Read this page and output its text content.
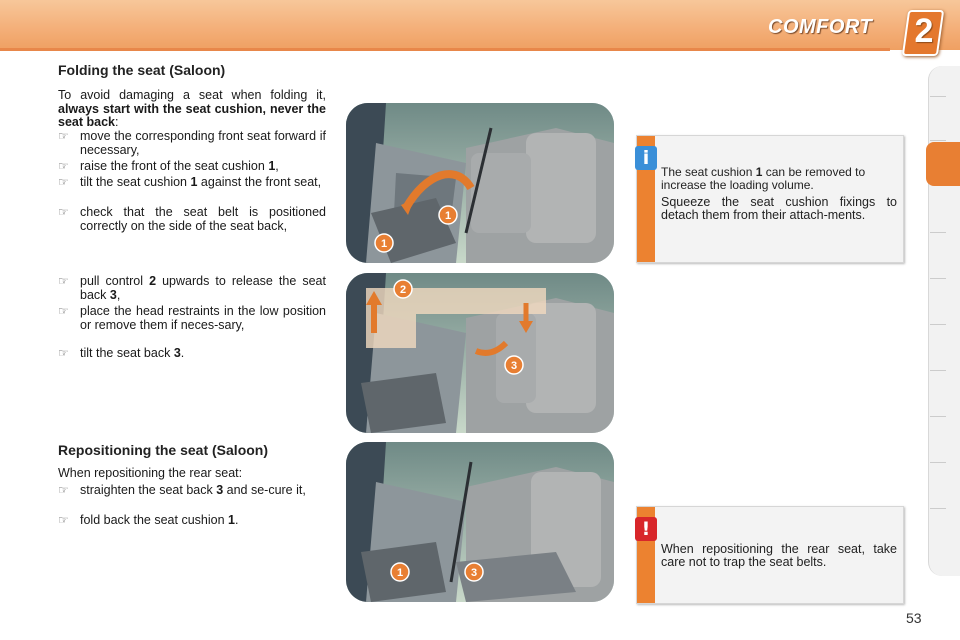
COMFORT 2
Folding the seat (Saloon)

To avoid damaging a seat when folding it, always start with the seat cushion, never the seat back:

☞ move the corresponding front seat forward if necessary,
☞ raise the front of the seat cushion 1,
☞ tilt the seat cushion 1 against the front seat,
☞ check that the seat belt is positioned correctly on the side of the seat back,
☞ pull control 2 upwards to release the seat back 3,
☞ place the head restraints in the low position or remove them if neces-sary,
☞ tilt the seat back 3.
Repositioning the seat (Saloon)

When repositioning the rear seat:

☞ straighten the seat back 3 and se-cure it,
☞ fold back the seat cushion 1.
1
1
2
3
1	3
i
The seat cushion 1 can be removed to increase the loading volume.
Squeeze the seat cushion fixings to detach them from their attach-ments.
!
When repositioning the rear seat, take care not to trap the seat belts.
53
